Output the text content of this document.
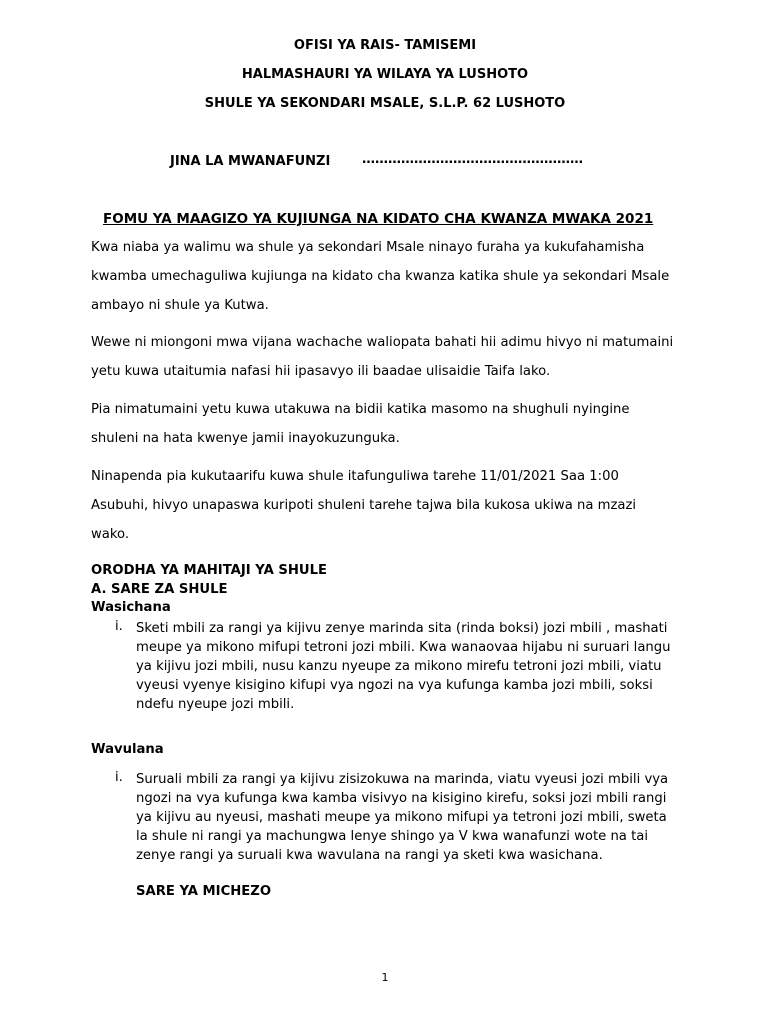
OFISI YA RAIS- TAMISEMI
HALMASHAURI YA WILAYA YA LUSHOTO
SHULE YA SEKONDARI MSALE, S.L.P. 62 LUSHOTO
JINA LA MWANAFUNZI ……………………………………………
FOMU YA MAAGIZO YA KUJIUNGA NA KIDATO CHA KWANZA MWAKA 2021
Kwa niaba ya walimu wa shule ya sekondari Msale ninayo furaha ya kukufahamisha
kwamba umechaguliwa kujiunga na kidato cha kwanza katika shule ya sekondari Msale
ambayo ni shule ya Kutwa.
Wewe ni miongoni mwa vijana wachache waliopata bahati hii adimu hivyo ni matumaini
yetu kuwa utaitumia nafasi hii ipasavyo ili baadae ulisaidie Taifa lako.
Pia nimatumaini yetu kuwa utakuwa na bidii katika masomo na shughuli nyingine
shuleni na hata kwenye jamii inayokuzunguka.
Ninapenda pia kukutaarifu kuwa shule itafunguliwa tarehe 11/01/2021 Saa 1:00
Asubuhi, hivyo unapaswa kuripoti shuleni tarehe tajwa bila kukosa ukiwa na mzazi
wako.
ORODHA YA MAHITAJI YA SHULE
A. SARE ZA SHULE
Wasichana
i. Sketi mbili za rangi ya kijivu zenye marinda sita (rinda boksi) jozi mbili , mashati
meupe ya mikono mifupi tetroni jozi mbili. Kwa wanaovaa hijabu ni suruari langu
ya kijivu jozi mbili, nusu kanzu nyeupe za mikono mirefu tetroni jozi mbili, viatu
vyeusi vyenye kisigino kifupi vya ngozi na vya kufunga kamba jozi mbili, soksi
ndefu nyeupe jozi mbili.
Wavulana
i. Suruali mbili za rangi ya kijivu zisizokuwa na marinda, viatu vyeusi jozi mbili vya
ngozi na vya kufunga kwa kamba visivyo na kisigino kirefu, soksi jozi mbili rangi
ya kijivu au nyeusi, mashati meupe ya mikono mifupi ya tetroni jozi mbili, sweta
la shule ni rangi ya machungwa lenye shingo ya V kwa wanafunzi wote na tai
zenye rangi ya suruali kwa wavulana na rangi ya sketi kwa wasichana.
SARE YA MICHEZO
1
